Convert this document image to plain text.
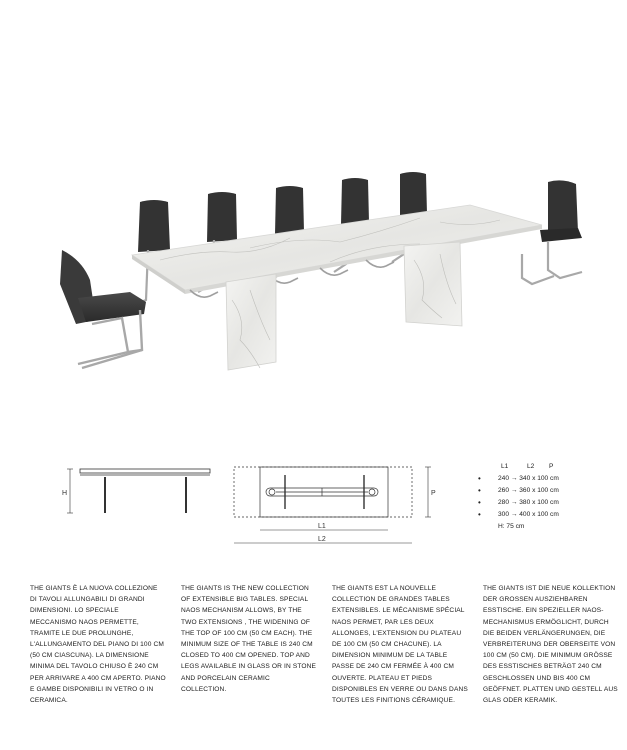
H	P
L1
L2
L1	L2	P
•	240 → 340 x 100 cm
•	260 → 360 x 100 cm
•	280 → 380 x 100 cm
•	300 → 400 x 100 cm
H: 75 cm
THE GIANTS È LA NUOVA COLLEZIONE DI TAVOLI ALLUNGABILI DI GRANDI DIMENSIONI. LO SPECIALE MECCANISMO NAOS PERMETTE, TRAMITE LE DUE PROLUNGHE, L'ALLUNGAMENTO DEL PIANO DI 100 CM (50 CM CIASCUNA). LA DIMENSIONE MINIMA DEL TAVOLO CHIUSO È 240 CM PER ARRIVARE A 400 CM APERTO. PIANO E GAMBE DISPONIBILI IN VETRO O IN CERAMICA.
THE GIANTS IS THE NEW COLLECTION OF EXTENSIBLE BIG TABLES. SPECIAL NAOS MECHANISM ALLOWS, BY THE TWO EXTENSIONS , THE WIDENING OF THE TOP OF 100 CM (50 CM EACH). THE MINIMUM SIZE OF THE TABLE IS 240 CM CLOSED TO 400 CM OPENED. TOP AND LEGS AVAILABLE IN GLASS OR IN STONE AND PORCELAIN CERAMIC COLLECTION.
THE GIANTS EST LA NOUVELLE COLLECTION DE GRANDES TABLES EXTENSIBLES. LE MÉCANISME SPÉCIAL NAOS PERMET, PAR LES DEUX ALLONGES, L'EXTENSION DU PLATEAU DE 100 CM (50 CM CHACUNE). LA DIMENSION MINIMUM DE LA TABLE PASSE DE 240 CM FERMÉE À 400 CM OUVERTE. PLATEAU ET PIEDS DISPONIBLES EN VERRE OU DANS DANS TOUTES LES FINITIONS CÉRAMIQUE.
THE GIANTS IST DIE NEUE KOLLEKTION DER GROSSEN AUSZIEHBAREN ESSTISCHE. EIN SPEZIELLER NAOS-MECHANISMUS ERMÖGLICHT, DURCH DIE BEIDEN VERLÄNGERUNGEN, DIE VERBREITERUNG DER OBERSEITE VON 100 CM (50 CM). DIE MINIMUM GRÖSSE DES ESSTISCHES BETRÄGT 240 CM GESCHLOSSEN UND BIS 400 CM GEÖFFNET. PLATTEN UND GESTELL AUS GLAS ODER KERAMIK.
